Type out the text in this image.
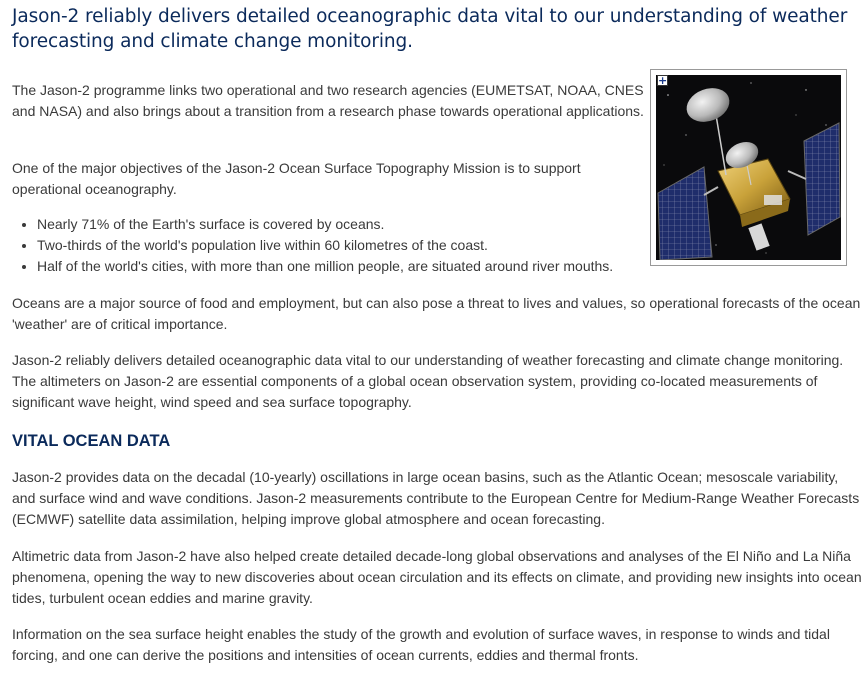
Jason-2 reliably delivers detailed oceanographic data vital to our understanding of weather forecasting and climate change monitoring.

The Jason-2 programme links two operational and two research agencies (EUMETSAT, NOAA, CNES and NASA) and also brings about a transition from a research phase towards operational applications.

One of the major objectives of the Jason-2 Ocean Surface Topography Mission is to support operational oceanography.

• Nearly 71% of the Earth's surface is covered by oceans.
• Two-thirds of the world's population live within 60 kilometres of the coast.
• Half of the world's cities, with more than one million people, are situated around river mouths.

Oceans are a major source of food and employment, but can also pose a threat to lives and values, so operational forecasts of the ocean 'weather' are of critical importance.

Jason-2 reliably delivers detailed oceanographic data vital to our understanding of weather forecasting and climate change monitoring. The altimeters on Jason-2 are essential components of a global ocean observation system, providing co-located measurements of significant wave height, wind speed and sea surface topography.

VITAL OCEAN DATA

Jason-2 provides data on the decadal (10-yearly) oscillations in large ocean basins, such as the Atlantic Ocean; mesoscale variability, and surface wind and wave conditions. Jason-2 measurements contribute to the European Centre for Medium-Range Weather Forecasts (ECMWF) satellite data assimilation, helping improve global atmosphere and ocean forecasting.

Altimetric data from Jason-2 have also helped create detailed decade-long global observations and analyses of the El Niño and La Niña phenomena, opening the way to new discoveries about ocean circulation and its effects on climate, and providing new insights into ocean tides, turbulent ocean eddies and marine gravity.

Information on the sea surface height enables the study of the growth and evolution of surface waves, in response to winds and tidal forcing, and one can derive the positions and intensities of ocean currents, eddies and thermal fronts.

+
